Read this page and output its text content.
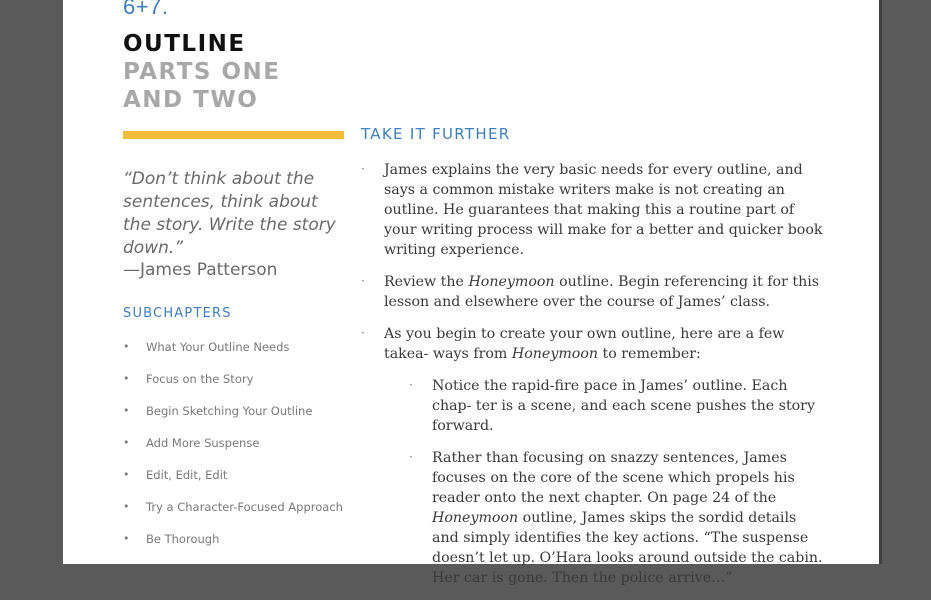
6+7.
OUTLINE
PARTS ONE
AND TWO
“Don’t think about the sentences, think about the story. Write the story down.”
—James Patterson
SUBCHAPTERS
• What Your Outline Needs
• Focus on the Story
• Begin Sketching Your Outline
• Add More Suspense
• Edit, Edit, Edit
• Try a Character-Focused Approach
• Be Thorough
TAKE IT FURTHER
· James explains the very basic needs for every outline, and says a common mistake writers make is not creating an outline. He guarantees that making this a routine part of your writing process will make for a better and quicker book writing experience.
· Review the Honeymoon outline. Begin referencing it for this lesson and elsewhere over the course of James’ class.
· As you begin to create your own outline, here are a few takea- ways from Honeymoon to remember:
· Notice the rapid-fire pace in James’ outline. Each chap- ter is a scene, and each scene pushes the story forward.
· Rather than focusing on snazzy sentences, James focuses on the core of the scene which propels his reader onto the next chapter. On page 24 of the Honeymoon outline, James skips the sordid details and simply identifies the key actions. “The suspense doesn’t let up. O’Hara looks around outside the cabin. Her car is gone. Then the police arrive…”
